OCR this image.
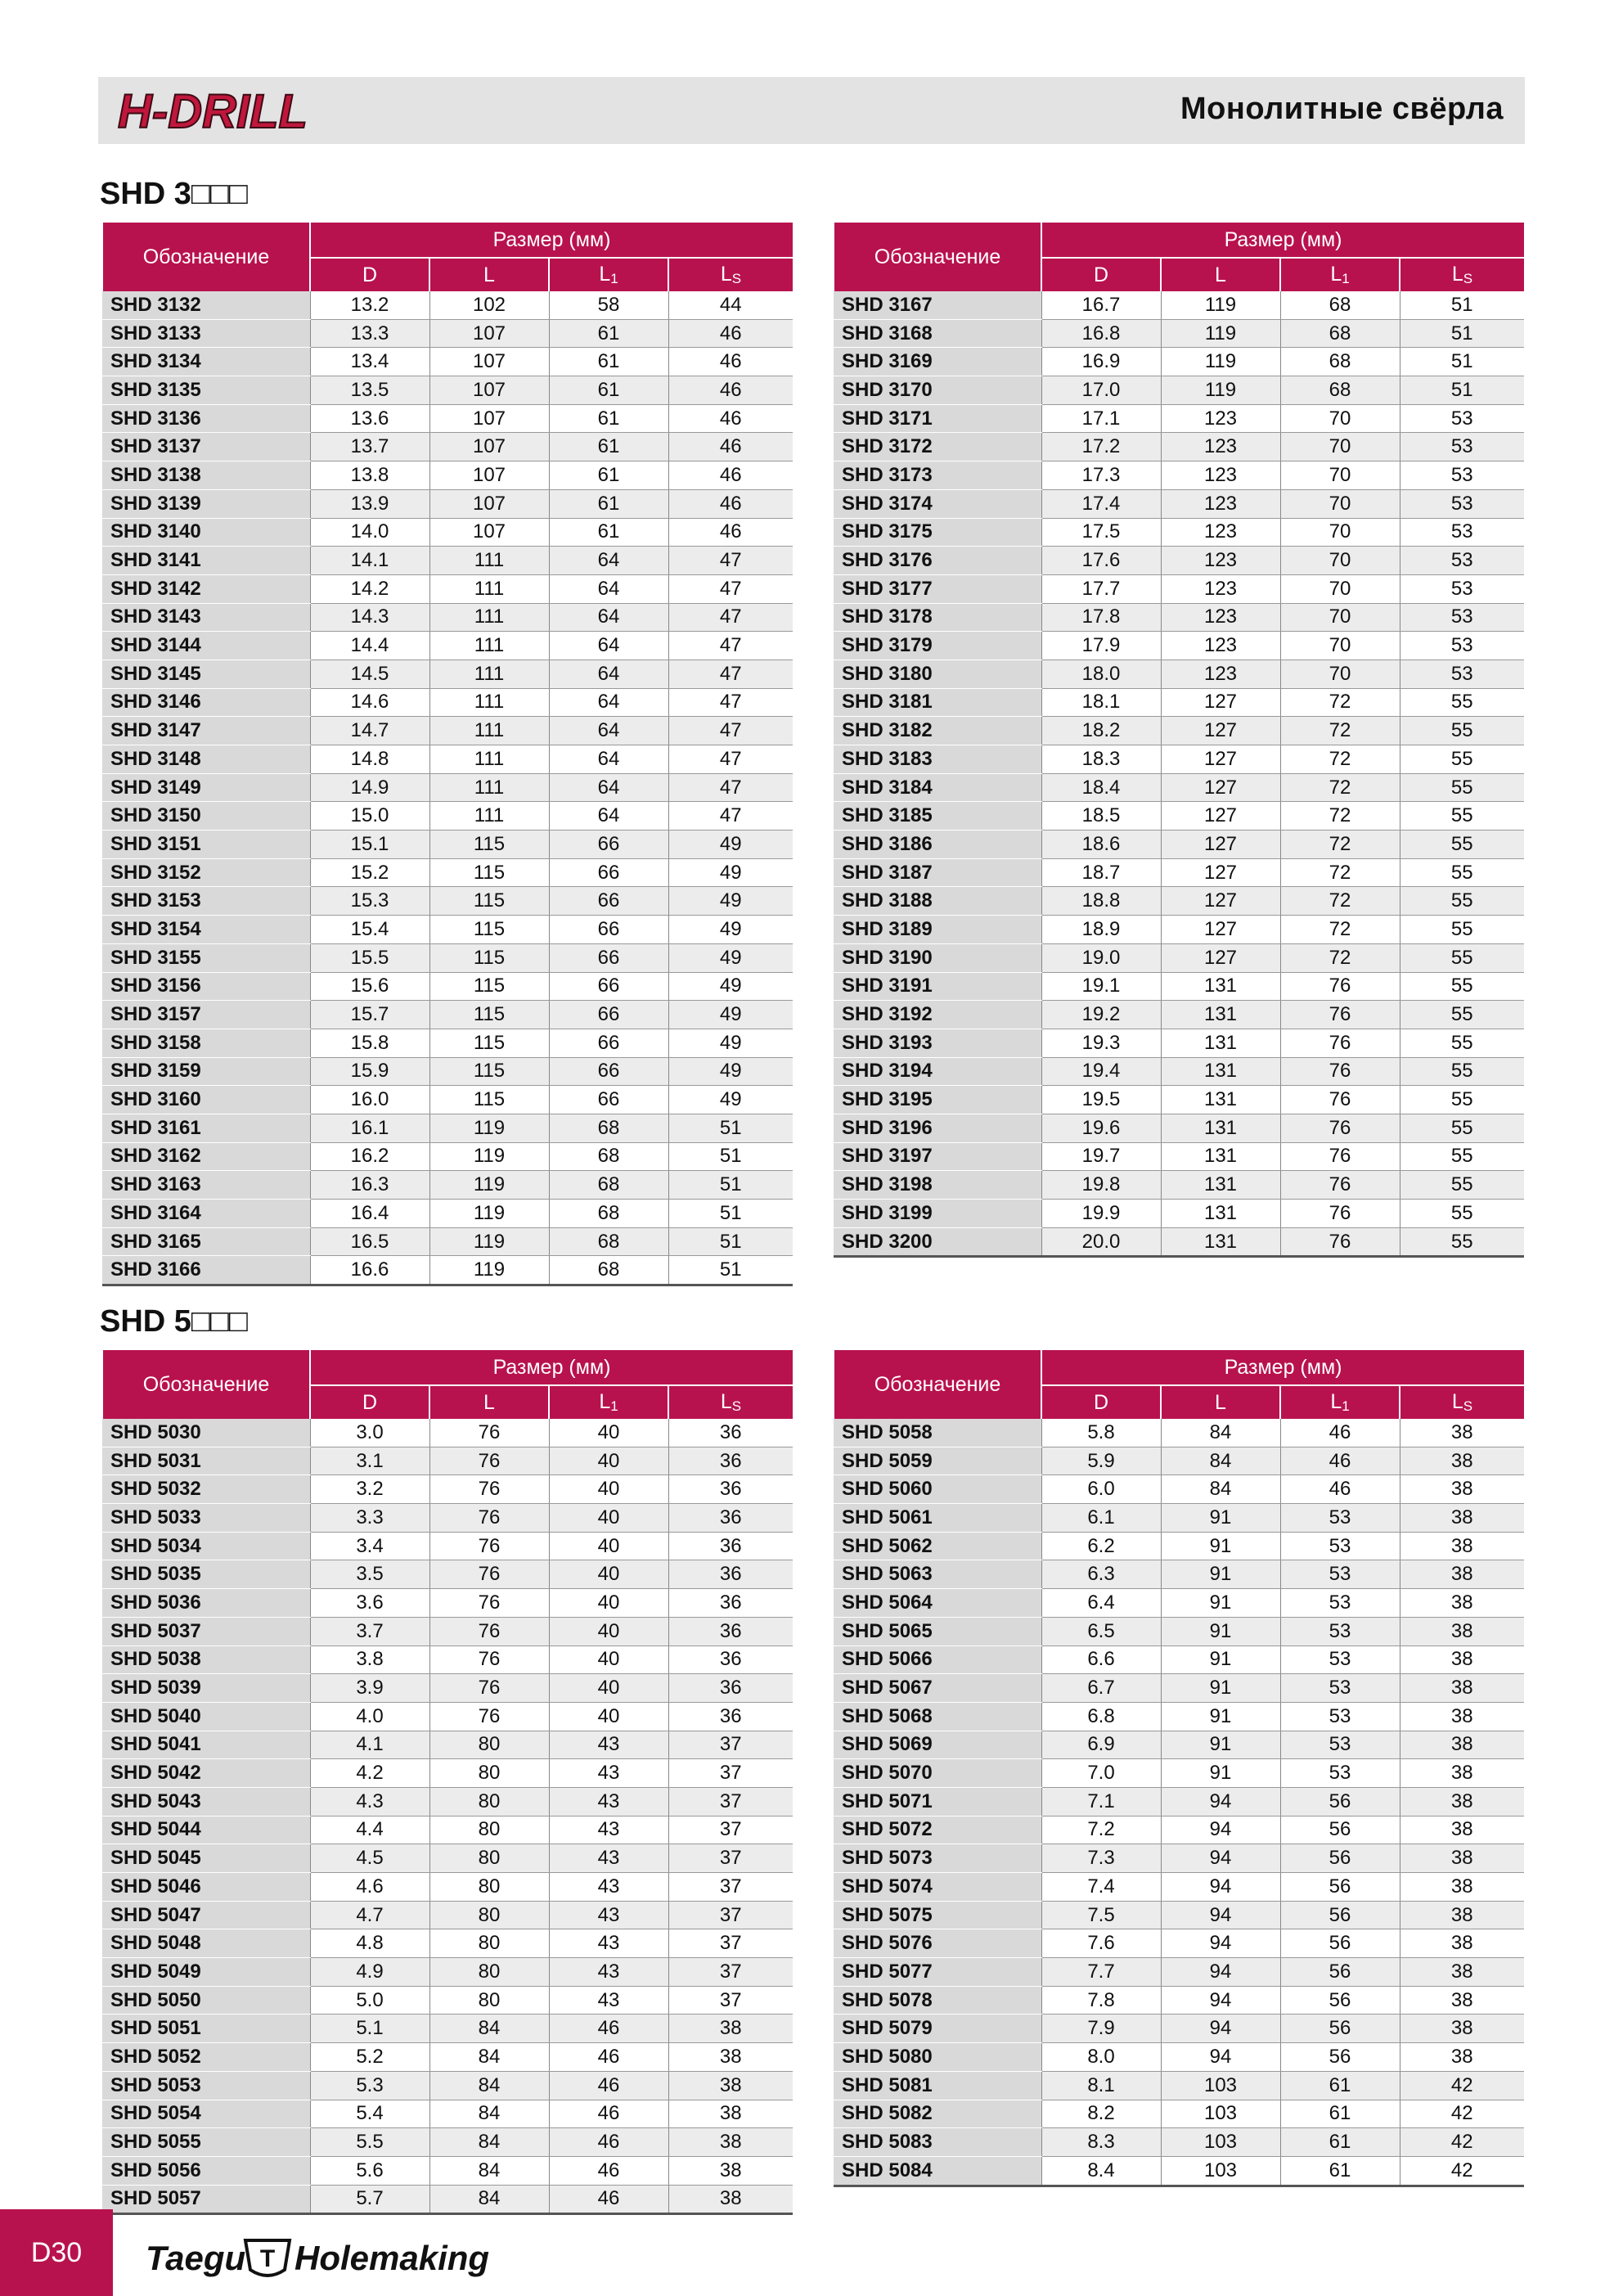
H-DRILL	Монолитные свёрла
SHD 3□□□
SHD 5□□□
Обозначение	Размер (мм)			
	D	L	L1	LS
SHD 3132	13.2	102	58	44
SHD 3133	13.3	107	61	46
SHD 3134	13.4	107	61	46
SHD 3135	13.5	107	61	46
SHD 3136	13.6	107	61	46
SHD 3137	13.7	107	61	46
SHD 3138	13.8	107	61	46
SHD 3139	13.9	107	61	46
SHD 3140	14.0	107	61	46
SHD 3141	14.1	111	64	47
SHD 3142	14.2	111	64	47
SHD 3143	14.3	111	64	47
SHD 3144	14.4	111	64	47
SHD 3145	14.5	111	64	47
SHD 3146	14.6	111	64	47
SHD 3147	14.7	111	64	47
SHD 3148	14.8	111	64	47
SHD 3149	14.9	111	64	47
SHD 3150	15.0	111	64	47
SHD 3151	15.1	115	66	49
SHD 3152	15.2	115	66	49
SHD 3153	15.3	115	66	49
SHD 3154	15.4	115	66	49
SHD 3155	15.5	115	66	49
SHD 3156	15.6	115	66	49
SHD 3157	15.7	115	66	49
SHD 3158	15.8	115	66	49
SHD 3159	15.9	115	66	49
SHD 3160	16.0	115	66	49
SHD 3161	16.1	119	68	51
SHD 3162	16.2	119	68	51
SHD 3163	16.3	119	68	51
SHD 3164	16.4	119	68	51
SHD 3165	16.5	119	68	51
SHD 3166	16.6	119	68	51
Обозначение	Размер (мм)			
	D	L	L1	LS
SHD 3167	16.7	119	68	51
SHD 3168	16.8	119	68	51
SHD 3169	16.9	119	68	51
SHD 3170	17.0	119	68	51
SHD 3171	17.1	123	70	53
SHD 3172	17.2	123	70	53
SHD 3173	17.3	123	70	53
SHD 3174	17.4	123	70	53
SHD 3175	17.5	123	70	53
SHD 3176	17.6	123	70	53
SHD 3177	17.7	123	70	53
SHD 3178	17.8	123	70	53
SHD 3179	17.9	123	70	53
SHD 3180	18.0	123	70	53
SHD 3181	18.1	127	72	55
SHD 3182	18.2	127	72	55
SHD 3183	18.3	127	72	55
SHD 3184	18.4	127	72	55
SHD 3185	18.5	127	72	55
SHD 3186	18.6	127	72	55
SHD 3187	18.7	127	72	55
SHD 3188	18.8	127	72	55
SHD 3189	18.9	127	72	55
SHD 3190	19.0	127	72	55
SHD 3191	19.1	131	76	55
SHD 3192	19.2	131	76	55
SHD 3193	19.3	131	76	55
SHD 3194	19.4	131	76	55
SHD 3195	19.5	131	76	55
SHD 3196	19.6	131	76	55
SHD 3197	19.7	131	76	55
SHD 3198	19.8	131	76	55
SHD 3199	19.9	131	76	55
SHD 3200	20.0	131	76	55
Обозначение	Размер (мм)			
	D	L	L1	LS
SHD 5030	3.0	76	40	36
SHD 5031	3.1	76	40	36
SHD 5032	3.2	76	40	36
SHD 5033	3.3	76	40	36
SHD 5034	3.4	76	40	36
SHD 5035	3.5	76	40	36
SHD 5036	3.6	76	40	36
SHD 5037	3.7	76	40	36
SHD 5038	3.8	76	40	36
SHD 5039	3.9	76	40	36
SHD 5040	4.0	76	40	36
SHD 5041	4.1	80	43	37
SHD 5042	4.2	80	43	37
SHD 5043	4.3	80	43	37
SHD 5044	4.4	80	43	37
SHD 5045	4.5	80	43	37
SHD 5046	4.6	80	43	37
SHD 5047	4.7	80	43	37
SHD 5048	4.8	80	43	37
SHD 5049	4.9	80	43	37
SHD 5050	5.0	80	43	37
SHD 5051	5.1	84	46	38
SHD 5052	5.2	84	46	38
SHD 5053	5.3	84	46	38
SHD 5054	5.4	84	46	38
SHD 5055	5.5	84	46	38
SHD 5056	5.6	84	46	38
SHD 5057	5.7	84	46	38
Обозначение	Размер (мм)			
	D	L	L1	LS
SHD 5058	5.8	84	46	38
SHD 5059	5.9	84	46	38
SHD 5060	6.0	84	46	38
SHD 5061	6.1	91	53	38
SHD 5062	6.2	91	53	38
SHD 5063	6.3	91	53	38
SHD 5064	6.4	91	53	38
SHD 5065	6.5	91	53	38
SHD 5066	6.6	91	53	38
SHD 5067	6.7	91	53	38
SHD 5068	6.8	91	53	38
SHD 5069	6.9	91	53	38
SHD 5070	7.0	91	53	38
SHD 5071	7.1	94	56	38
SHD 5072	7.2	94	56	38
SHD 5073	7.3	94	56	38
SHD 5074	7.4	94	56	38
SHD 5075	7.5	94	56	38
SHD 5076	7.6	94	56	38
SHD 5077	7.7	94	56	38
SHD 5078	7.8	94	56	38
SHD 5079	7.9	94	56	38
SHD 5080	8.0	94	56	38
SHD 5081	8.1	103	61	42
SHD 5082	8.2	103	61	42
SHD 5083	8.3	103	61	42
SHD 5084	8.4	103	61	42
D30	Taegu T Holemaking
